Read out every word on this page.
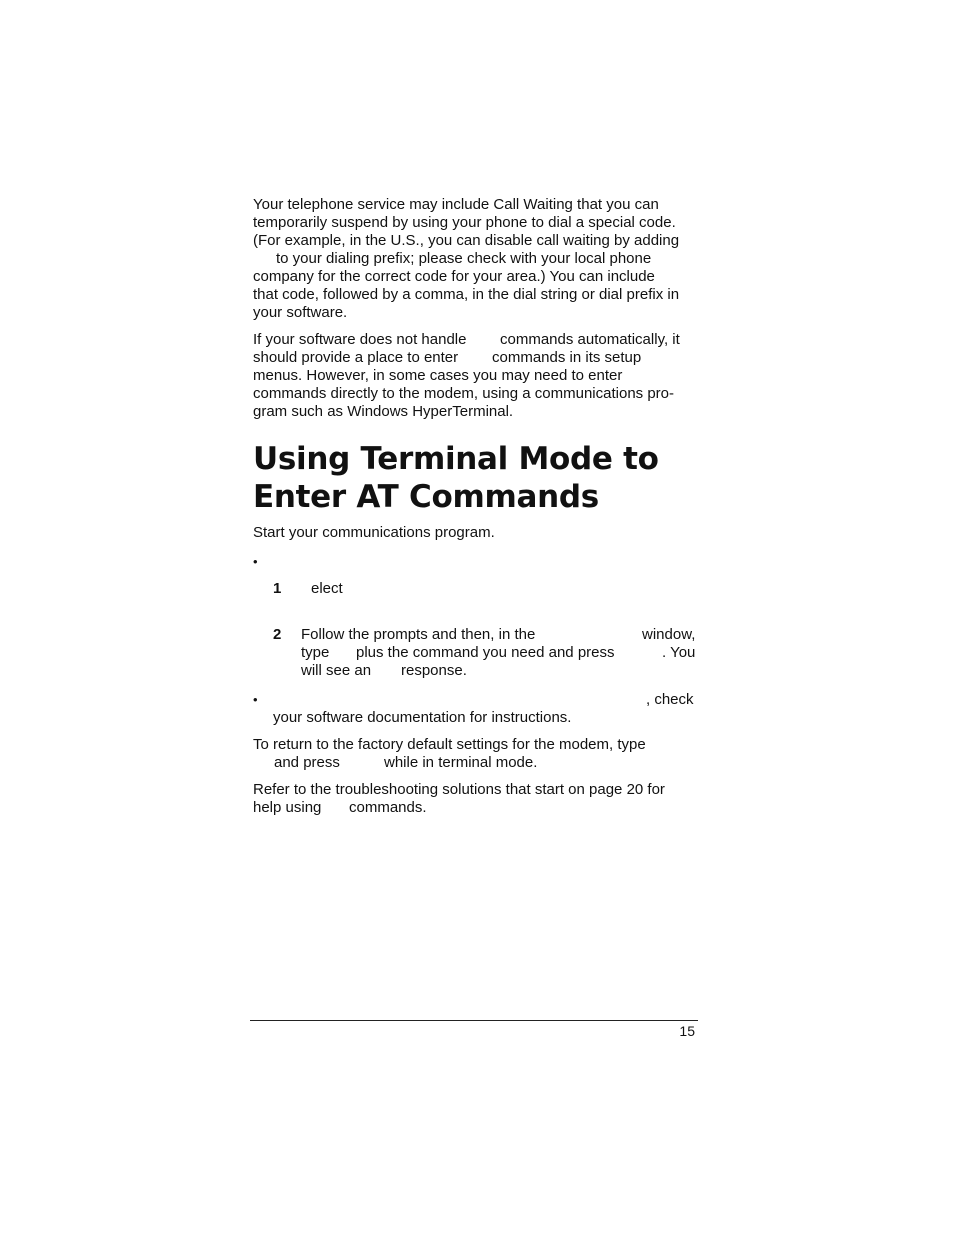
Your telephone service may include Call Waiting that you can
temporarily suspend by using your phone to dial a special code.
(For example, in the U.S., you can disable call waiting by adding
to your dialing prefix; please check with your local phone
company for the correct code for your area.) You can include
that code, followed by a comma, in the dial string or dial prefix in
your software.
If your software does not handle commands automatically, it
should provide a place to enter commands in its setup
menus. However, in some cases you may need to enter
commands directly to the modem, using a communications pro-
gram such as Windows HyperTerminal.
Using Terminal Mode to
Enter AT Commands
Start your communications program.
•
1 elect
2 Follow the prompts and then, in the	window,
type plus the command you need and press	. You
will see an response.
•	, check
your software documentation for instructions.
To return to the factory default settings for the modem, type
and press	while in terminal mode.
Refer to the troubleshooting solutions that start on page 20 for
help using commands.
15
